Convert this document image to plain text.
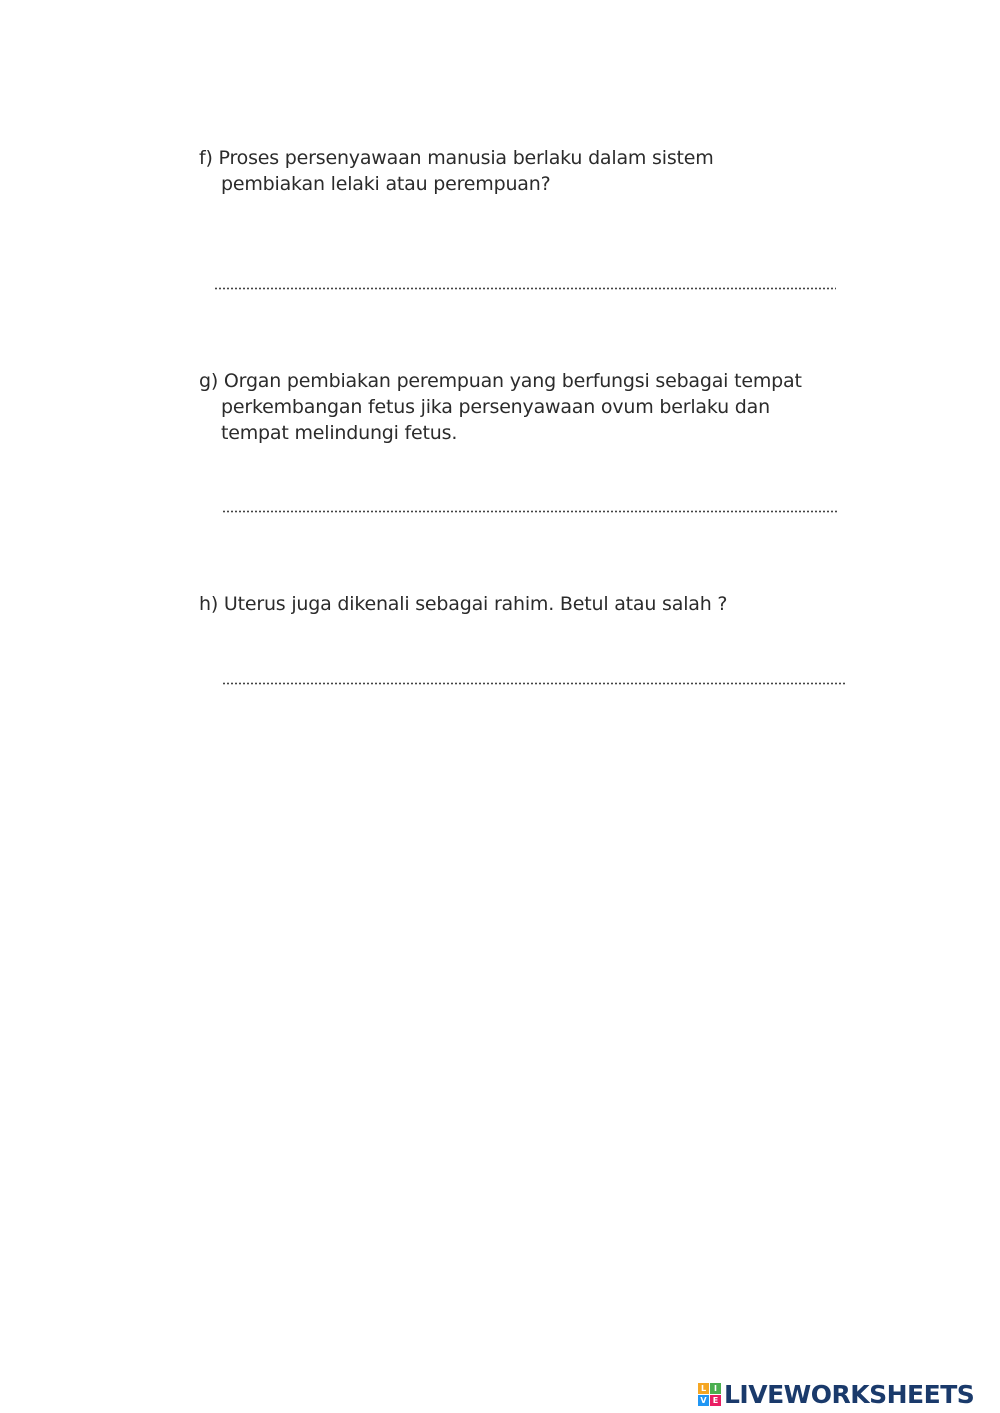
f) Proses persenyawaan manusia berlaku dalam sistem
pembiakan lelaki atau perempuan?

g) Organ pembiakan perempuan yang berfungsi sebagai tempat
perkembangan fetus jika persenyawaan ovum berlaku dan
tempat melindungi fetus.

h) Uterus juga dikenali sebagai rahim. Betul atau salah ?

L I
V E LIVEWORKSHEETS
